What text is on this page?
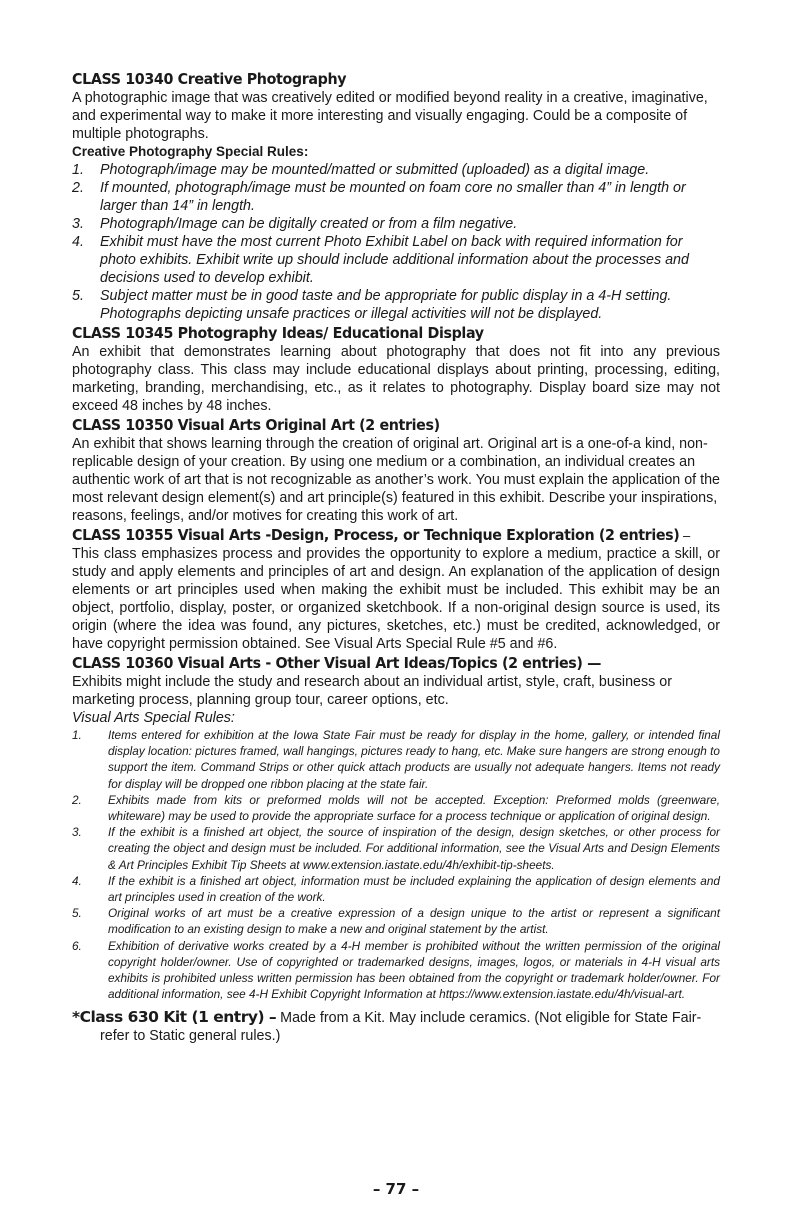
CLASS 10340 Creative Photography

A photographic image that was creatively edited or modified beyond reality in a creative, imaginative, and experimental way to make it more interesting and visually engaging. Could be a composite of multiple photographs.

Creative Photography Special Rules:
1. Photograph/image may be mounted/matted or submitted (uploaded) as a digital image.
2. If mounted, photograph/image must be mounted on foam core no smaller than 4” in length or larger than 14” in length.
3. Photograph/Image can be digitally created or from a film negative.
4. Exhibit must have the most current Photo Exhibit Label on back with required information for photo exhibits. Exhibit write up should include additional information about the processes and decisions used to develop exhibit.
5. Subject matter must be in good taste and be appropriate for public display in a 4-H setting. Photographs depicting unsafe practices or illegal activities will not be displayed.
CLASS 10345 Photography Ideas/ Educational Display

An exhibit that demonstrates learning about photography that does not fit into any previous photography class. This class may include educational displays about printing, processing, editing, marketing, branding, merchandising, etc., as it relates to photography. Display board size may not exceed 48 inches by 48 inches.

CLASS 10350 Visual Arts Original Art (2 entries)

An exhibit that shows learning through the creation of original art. Original art is a one-of-a kind, non-replicable design of your creation. By using one medium or a combination, an individual creates an authentic work of art that is not recognizable as another’s work. You must explain the application of the most relevant design element(s) and art principle(s) featured in this exhibit. Describe your inspirations, reasons, feelings, and/or motives for creating this work of art.

CLASS 10355 Visual Arts -Design, Process, or Technique Exploration (2 entries) –

This class emphasizes process and provides the opportunity to explore a medium, practice a skill, or study and apply elements and principles of art and design. An explanation of the application of design elements or art principles used when making the exhibit must be included. This exhibit may be an object, portfolio, display, poster, or organized sketchbook. If a non-original design source is used, its origin (where the idea was found, any pictures, sketches, etc.) must be credited, acknowledged, or have copyright permission obtained. See Visual Arts Special Rule #5 and #6.

CLASS 10360 Visual Arts - Other Visual Art Ideas/Topics (2 entries) —

Exhibits might include the study and research about an individual artist, style, craft, business or marketing process, planning group tour, career options, etc.

Visual Arts Special Rules:
1. Items entered for exhibition at the Iowa State Fair must be ready for display in the home, gallery, or intended final display location: pictures framed, wall hangings, pictures ready to hang, etc. Make sure hangers are strong enough to support the item. Command Strips or other quick attach products are usually not adequate hangers. Items not ready for display will be dropped one ribbon placing at the state fair.
2. Exhibits made from kits or preformed molds will not be accepted. Exception: Preformed molds (greenware, whiteware) may be used to provide the appropriate surface for a process technique or application of original design.
3. If the exhibit is a finished art object, the source of inspiration of the design, design sketches, or other process for creating the object and design must be included. For additional information, see the Visual Arts and Design Elements & Art Principles Exhibit Tip Sheets at www.extension.iastate.edu/4h/exhibit-tip-sheets.
4. If the exhibit is a finished art object, information must be included explaining the application of design elements and art principles used in creation of the work.
5. Original works of art must be a creative expression of a design unique to the artist or represent a significant modification to an existing design to make a new and original statement by the artist.
6. Exhibition of derivative works created by a 4-H member is prohibited without the written permission of the original copyright holder/owner. Use of copyrighted or trademarked designs, images, logos, or materials in 4-H visual arts exhibits is prohibited unless written permission has been obtained from the copyright or trademark holder/owner. For additional information, see 4-H Exhibit Copyright Information at https://www.extension.iastate.edu/4h/visual-art.
*Class 630 Kit (1 entry) – Made from a Kit. May include ceramics. (Not eligible for State Fair-
refer to Static general rules.)
– 77 –
